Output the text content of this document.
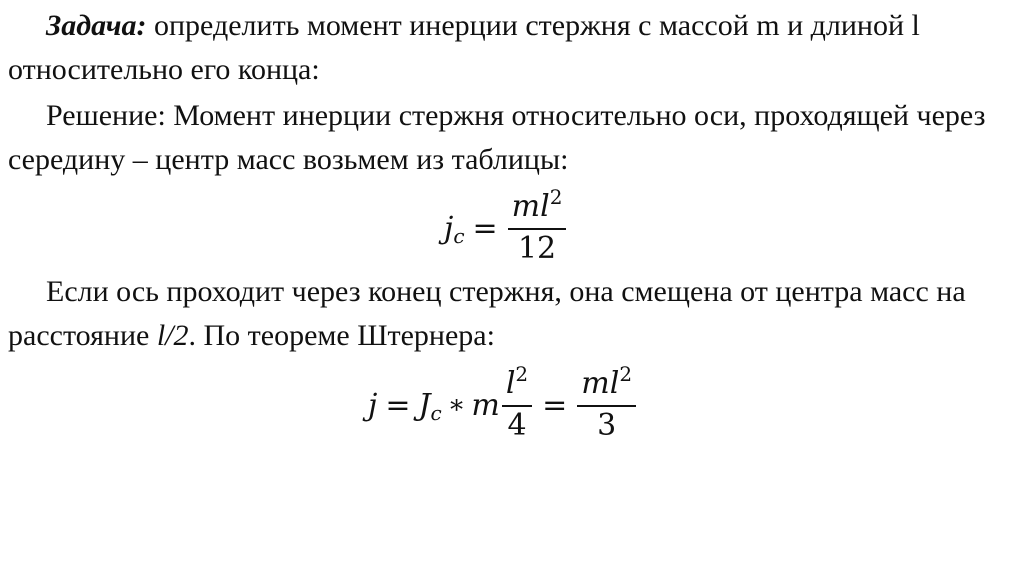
Задача: определить момент инерции стержня с массой m и длиной l относительно его конца:
Решение: Момент инерции стержня относительно оси, проходящей через середину – центр масс возьмем из таблицы:
j $c = \frac{ml^2}{12}$
Если ось проходит через конец стержня, она смещена от центра масс на расстояние l/2. По теореме Штернера:
j = J c ∗ m $\frac{l^2}{4} = \frac{ml^2}{3}$
